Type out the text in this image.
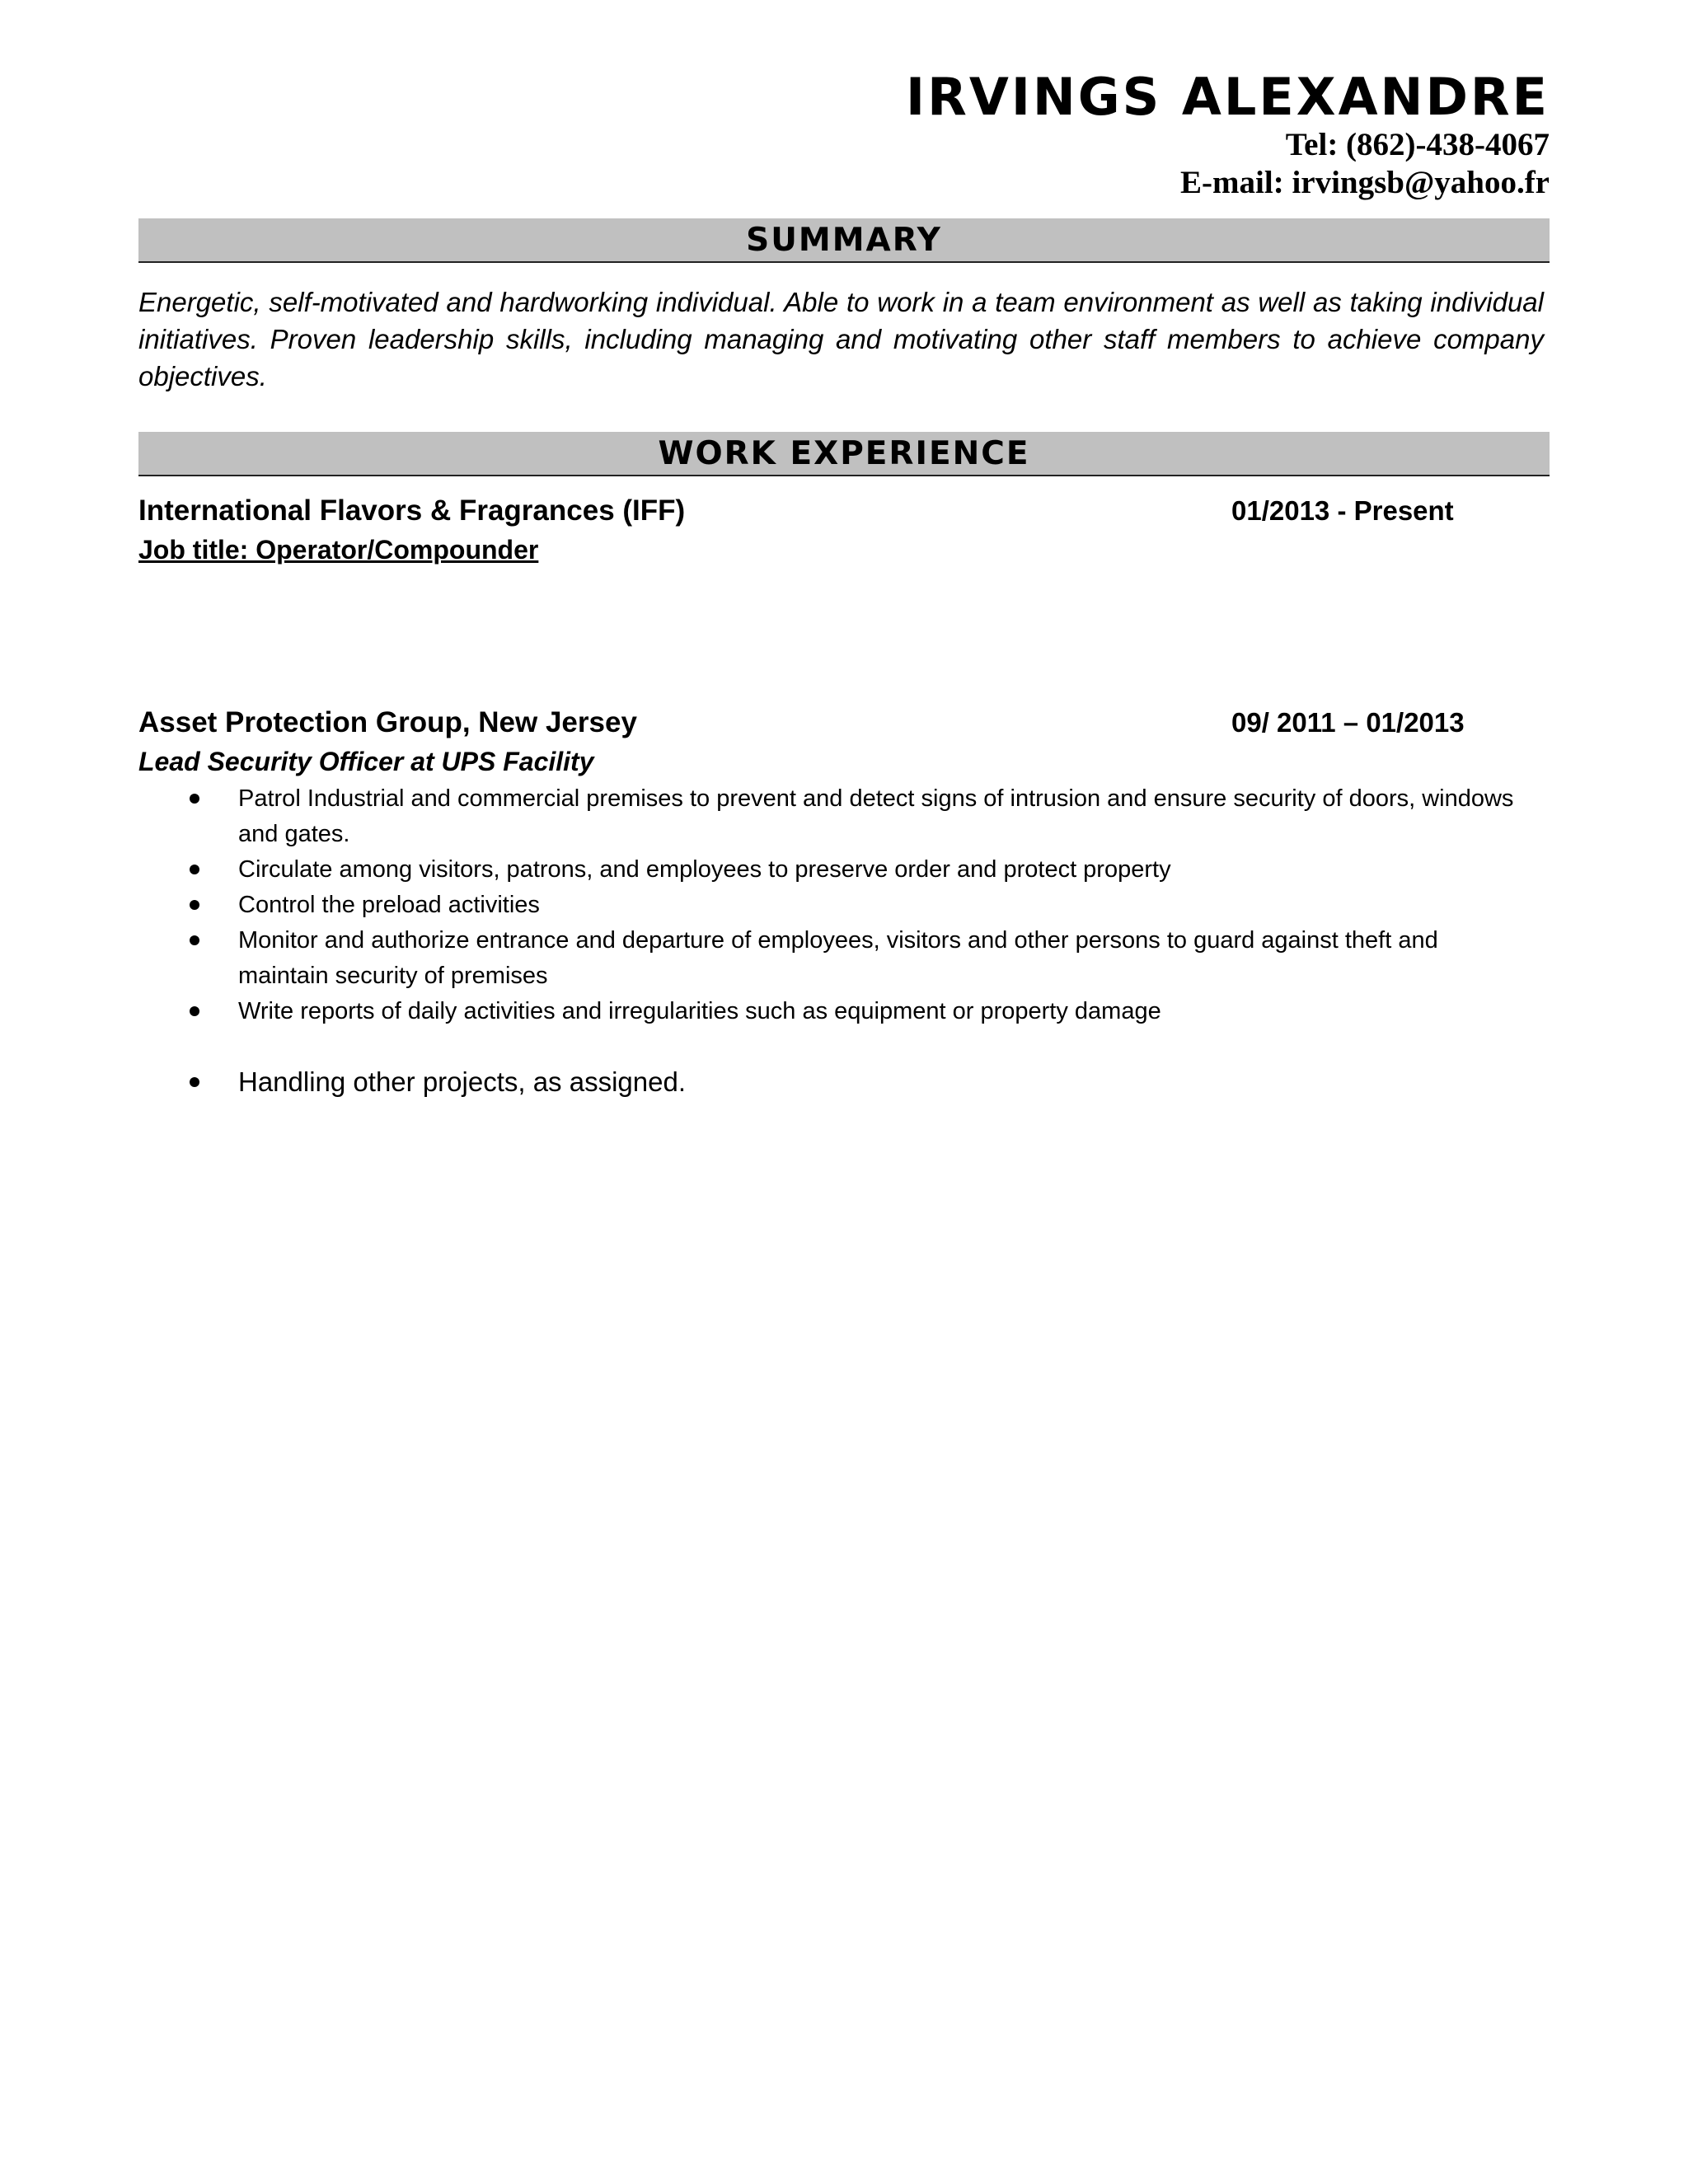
IRVINGS ALEXANDRE
Tel: (862)-438-4067
E-mail: irvingsb@yahoo.fr
SUMMARY
Energetic, self-motivated and hardworking individual. Able to work in a team environment as well as taking individual initiatives. Proven leadership skills, including managing and motivating other staff members to achieve company objectives.
WORK EXPERIENCE
International Flavors & Fragrances (IFF)	01/2013 - Present
Job title: Operator/Compounder
Asset Protection Group, New Jersey	09/ 2011 – 01/2013
Lead Security Officer at UPS Facility
Patrol Industrial and commercial premises to prevent and detect signs of intrusion and ensure security of doors, windows and gates.
Circulate among visitors, patrons, and employees to preserve order and protect property
Control the preload activities
Monitor and authorize entrance and departure of employees, visitors and other persons to guard against theft and maintain security of premises
Write reports of daily activities and irregularities such as equipment or property damage
Handling other projects, as assigned.
